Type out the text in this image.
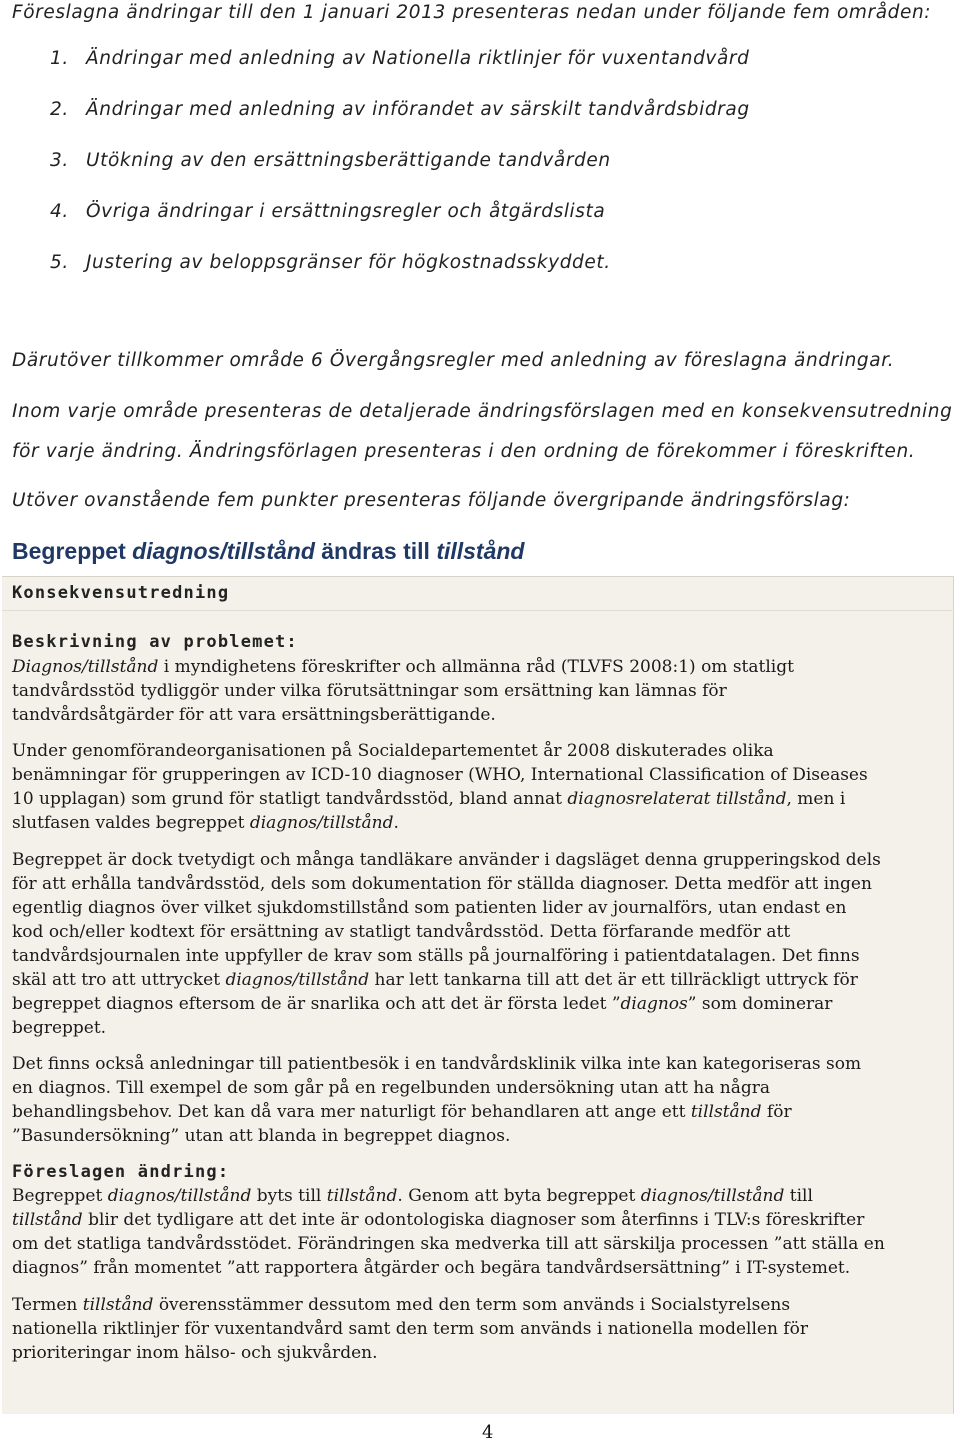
Föreslagna ändringar till den 1 januari 2013 presenteras nedan under följande fem områden:
1. Ändringar med anledning av Nationella riktlinjer för vuxentandvård
2. Ändringar med anledning av införandet av särskilt tandvårdsbidrag
3. Utökning av den ersättningsberättigande tandvården
4. Övriga ändringar i ersättningsregler och åtgärdslista
5. Justering av beloppsgränser för högkostnadsskyddet.
Därutöver tillkommer område 6 Övergångsregler med anledning av föreslagna ändringar.
Inom varje område presenteras de detaljerade ändringsförslagen med en konsekvensutredning
för varje ändring. Ändringsförlagen presenteras i den ordning de förekommer i föreskriften.
Utöver ovanstående fem punkter presenteras följande övergripande ändringsförslag:
Begreppet diagnos/tillstånd ändras till tillstånd
Konsekvensutredning
Beskrivning av problemet:
Diagnos/tillstånd i myndighetens föreskrifter och allmänna råd (TLVFS 2008:1) om statligt
tandvårdsstöd tydliggör under vilka förutsättningar som ersättning kan lämnas för
tandvårdsåtgärder för att vara ersättningsberättigande.
Under genomförandeorganisationen på Socialdepartementet år 2008 diskuterades olika
benämningar för grupperingen av ICD-10 diagnoser (WHO, International Classification of Diseases
10 upplagan) som grund för statligt tandvårdsstöd, bland annat diagnosrelaterat tillstånd, men i
slutfasen valdes begreppet diagnos/tillstånd.
Begreppet är dock tvetydigt och många tandläkare använder i dagsläget denna grupperingskod dels
för att erhålla tandvårdsstöd, dels som dokumentation för ställda diagnoser. Detta medför att ingen
egentlig diagnos över vilket sjukdomstillstånd som patienten lider av journalförs, utan endast en
kod och/eller kodtext för ersättning av statligt tandvårdsstöd. Detta förfarande medför att
tandvårdsjournalen inte uppfyller de krav som ställs på journalföring i patientdatalagen. Det finns
skäl att tro att uttrycket diagnos/tillstånd har lett tankarna till att det är ett tillräckligt uttryck för
begreppet diagnos eftersom de är snarlika och att det är första ledet ”diagnos” som dominerar
begreppet.
Det finns också anledningar till patientbesök i en tandvårdsklinik vilka inte kan kategoriseras som
en diagnos. Till exempel de som går på en regelbunden undersökning utan att ha några
behandlingsbehov. Det kan då vara mer naturligt för behandlaren att ange ett tillstånd för
”Basundersökning” utan att blanda in begreppet diagnos.
Föreslagen ändring:
Begreppet diagnos/tillstånd byts till tillstånd. Genom att byta begreppet diagnos/tillstånd till
tillstånd blir det tydligare att det inte är odontologiska diagnoser som återfinns i TLV:s föreskrifter
om det statliga tandvårdsstödet. Förändringen ska medverka till att särskilja processen ”att ställa en
diagnos” från momentet ”att rapportera åtgärder och begära tandvårdsersättning” i IT-systemet.
Termen tillstånd överensstämmer dessutom med den term som används i Socialstyrelsens
nationella riktlinjer för vuxentandvård samt den term som används i nationella modellen för
prioriteringar inom hälso- och sjukvården.
4
